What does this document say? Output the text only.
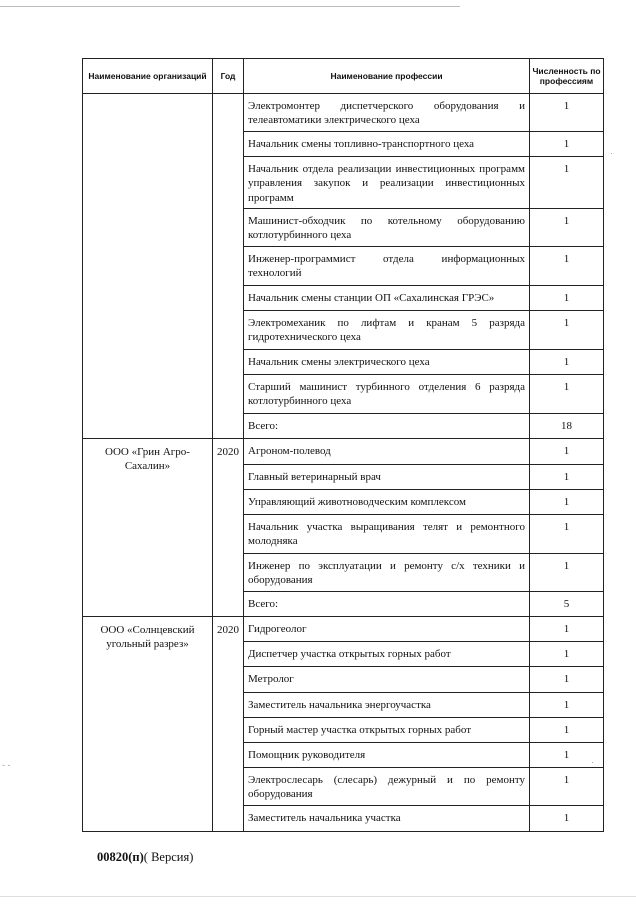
Наименование организаций	Год	Наименование профессии	Численность по профессиям
		Электромонтер диспетчерского оборудования и телеавтоматики электрического цеха	1
		Начальник смены топливно-транспортного цеха	1
		Начальник отдела реализации инвестиционных программ управления закупок и реализации инвестиционных программ	1
		Машинист-обходчик по котельному оборудованию котлотурбинного цеха	1
		Инженер-программист отдела информационных технологий	1
		Начальник смены станции ОП «Сахалинская ГРЭС»	1
		Электромеханик по лифтам и кранам 5 разряда гидротехнического цеха	1
		Начальник смены электрического цеха	1
		Старший машинист турбинного отделения 6 разряда котлотурбинного цеха	1
		Всего:	18
ООО «Грин Агро-Сахалин»	2020	Агроном-полевод	1
		Главный ветеринарный врач	1
		Управляющий животноводческим комплексом	1
		Начальник участка выращивания телят и ремонтного молодняка	1
		Инженер по эксплуатации и ремонту с/х техники и оборудования	1
		Всего:	5
ООО «Солнцевский угольный разрез»	2020	Гидрогеолог	1
		Диспетчер участка открытых горных работ	1
		Метролог	1
		Заместитель начальника энергоучастка	1
		Горный мастер участка открытых горных работ	1
		Помощник руководителя	1
		Электрослесарь (слесарь) дежурный и по ремонту оборудования	1
		Заместитель начальника участка	1
00820(п)( Версия)
- -
·
·
